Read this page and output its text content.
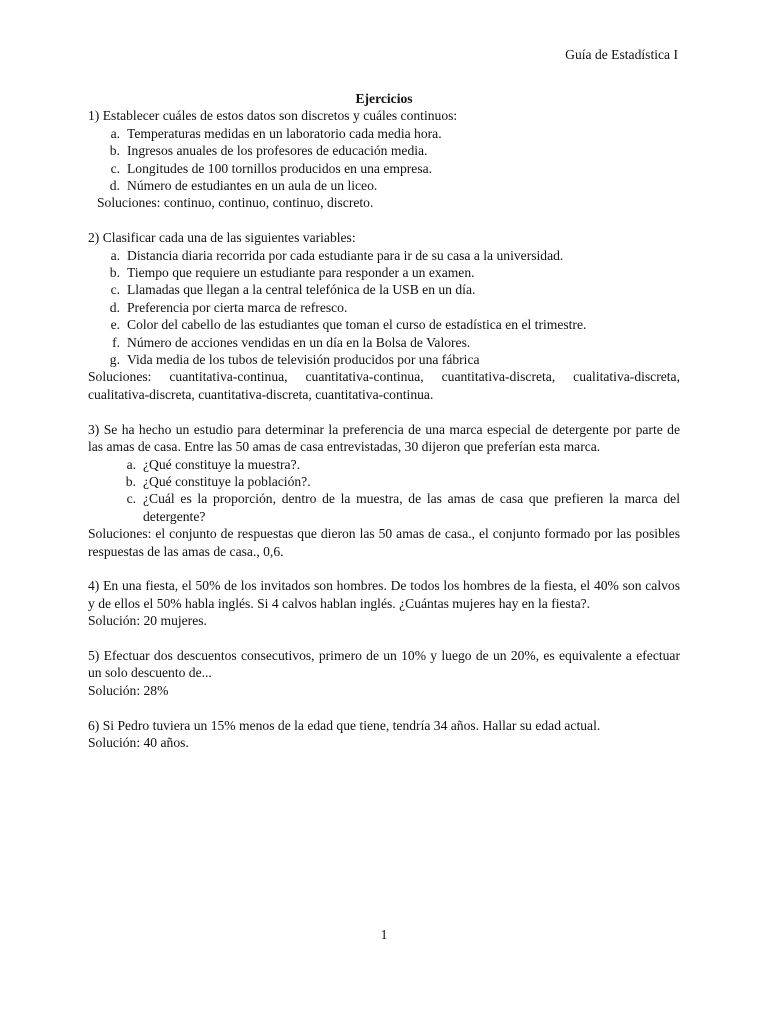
Guía de Estadística I
Ejercicios
1) Establecer cuáles de estos datos son discretos y cuáles continuos:
a. Temperaturas medidas en un laboratorio cada media hora.
b. Ingresos anuales de los profesores de educación media.
c. Longitudes de 100 tornillos producidos en una empresa.
d. Número de estudiantes en un aula de un liceo.
Soluciones: continuo, continuo, continuo, discreto.
2) Clasificar cada una de las siguientes variables:
a. Distancia diaria recorrida por cada estudiante para ir de su casa a la universidad.
b. Tiempo que requiere un estudiante para responder a un examen.
c. Llamadas que llegan a la central telefónica de la USB en un día.
d. Preferencia por cierta marca de refresco.
e. Color del cabello de las estudiantes que toman el curso de estadística en el trimestre.
f. Número de acciones vendidas en un día en la Bolsa de Valores.
g. Vida media de los tubos de televisión producidos por una fábrica
Soluciones: cuantitativa-continua, cuantitativa-continua, cuantitativa-discreta, cualitativa-discreta, cualitativa-discreta, cuantitativa-discreta, cuantitativa-continua.
3) Se ha hecho un estudio para determinar la preferencia de una marca especial de detergente por parte de las amas de casa. Entre las 50 amas de casa entrevistadas, 30 dijeron que preferían esta marca.
a. ¿Qué constituye la muestra?.
b. ¿Qué constituye la población?.
c. ¿Cuál es la proporción, dentro de la muestra, de las amas de casa que prefieren la marca del detergente?
Soluciones: el conjunto de respuestas que dieron las 50 amas de casa., el conjunto formado por las posibles respuestas de las amas de casa., 0,6.
4) En una fiesta, el 50% de los invitados son hombres. De todos los hombres de la fiesta, el 40% son calvos y de ellos el 50% habla inglés. Si 4 calvos hablan inglés. ¿Cuántas mujeres hay en la fiesta?.
Solución: 20 mujeres.
5) Efectuar dos descuentos consecutivos, primero de un 10% y luego de un 20%, es equivalente a efectuar un solo descuento de...
Solución: 28%
6) Si Pedro tuviera un 15% menos de la edad que tiene, tendría 34 años. Hallar su edad actual.
Solución: 40 años.
1
